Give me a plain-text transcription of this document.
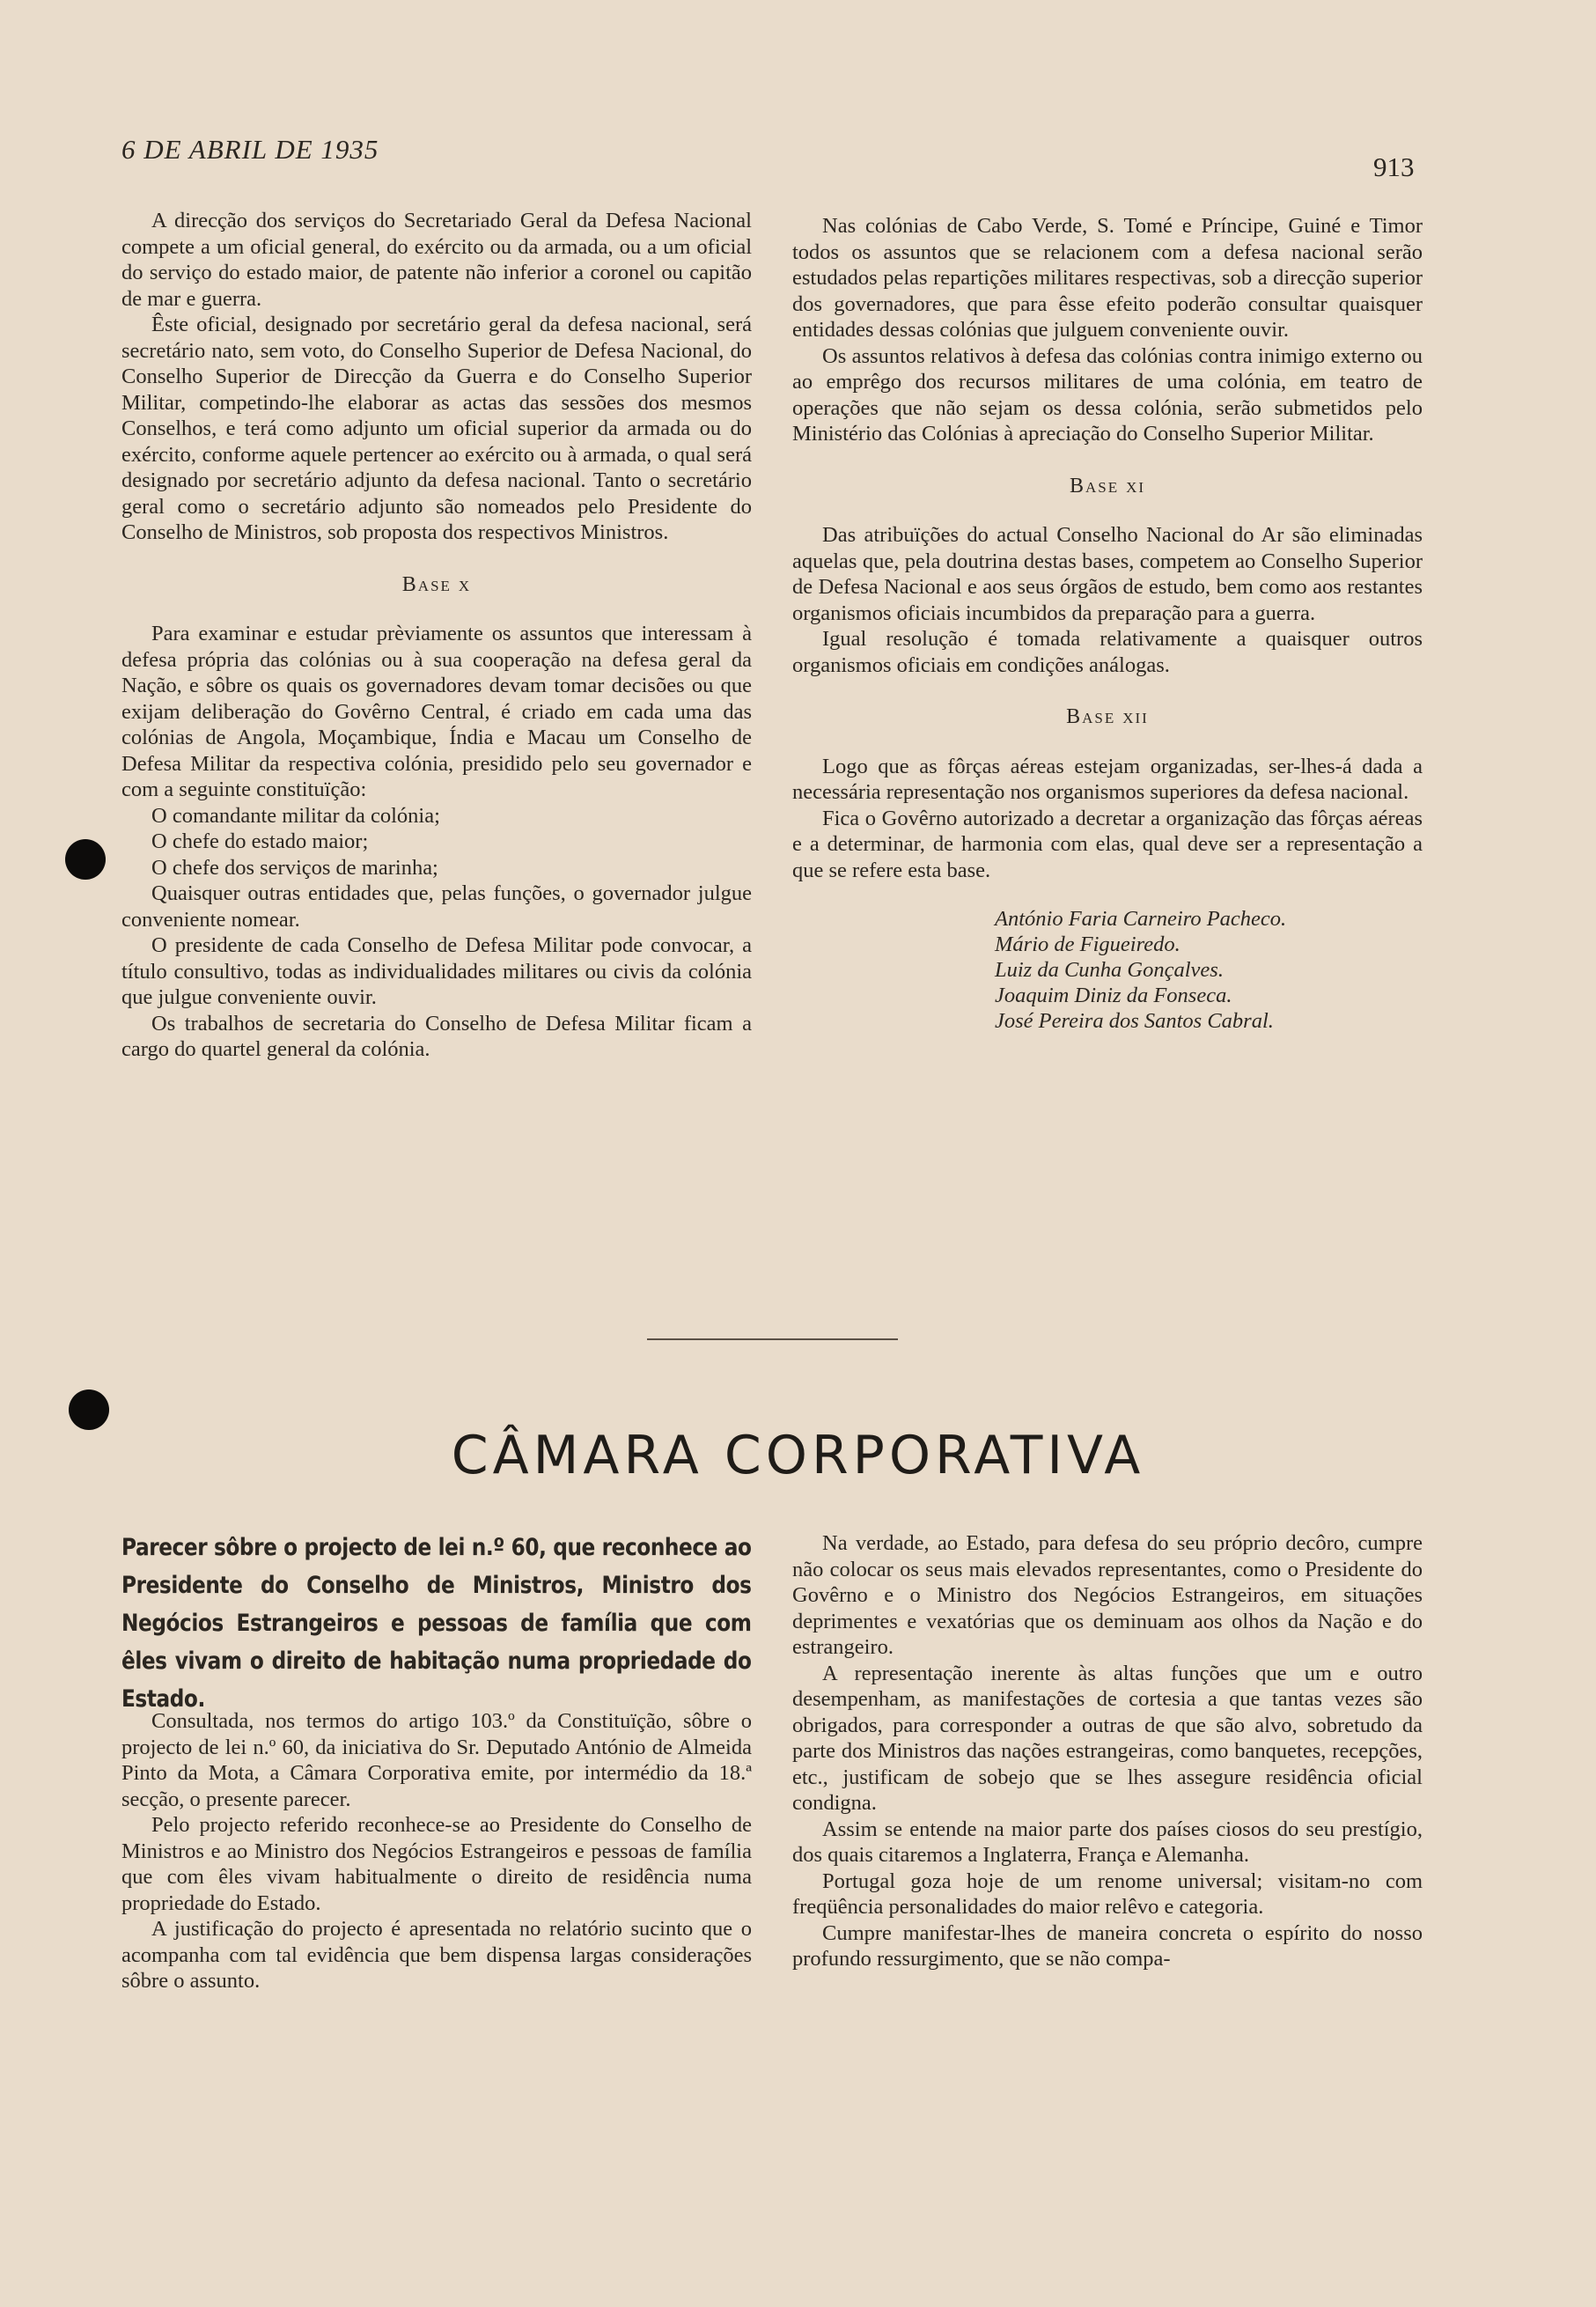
6 DE ABRIL DE 1935
913

A direcção dos serviços do Secretariado Geral da Defesa Nacional compete a um oficial general, do exército ou da armada, ou a um oficial do serviço do estado maior, de patente não inferior a coronel ou capitão de mar e guerra.

Êste oficial, designado por secretário geral da defesa nacional, será secretário nato, sem voto, do Conselho Superior de Defesa Nacional, do Conselho Superior de Direcção da Guerra e do Conselho Superior Militar, competindo-lhe elaborar as actas das sessões dos mesmos Conselhos, e terá como adjunto um oficial superior da armada ou do exército, conforme aquele pertencer ao exército ou à armada, o qual será designado por secretário adjunto da defesa nacional. Tanto o secretário geral como o secretário adjunto são nomeados pelo Presidente do Conselho de Ministros, sob proposta dos respectivos Ministros.

Base x

Para examinar e estudar prèviamente os assuntos que interessam à defesa própria das colónias ou à sua cooperação na defesa geral da Nação, e sôbre os quais os governadores devam tomar decisões ou que exijam deliberação do Govêrno Central, é criado em cada uma das colónias de Angola, Moçambique, Índia e Macau um Conselho de Defesa Militar da respectiva colónia, presidido pelo seu governador e com a seguinte constituïção:

O comandante militar da colónia;

O chefe do estado maior;

O chefe dos serviços de marinha;

Quaisquer outras entidades que, pelas funções, o governador julgue conveniente nomear.

O presidente de cada Conselho de Defesa Militar pode convocar, a título consultivo, todas as individualidades militares ou civis da colónia que julgue conveniente ouvir.

Os trabalhos de secretaria do Conselho de Defesa Militar ficam a cargo do quartel general da colónia.

Nas colónias de Cabo Verde, S. Tomé e Príncipe, Guiné e Timor todos os assuntos que se relacionem com a defesa nacional serão estudados pelas repartições militares respectivas, sob a direcção superior dos governadores, que para êsse efeito poderão consultar quaisquer entidades dessas colónias que julguem conveniente ouvir.

Os assuntos relativos à defesa das colónias contra inimigo externo ou ao emprêgo dos recursos militares de uma colónia, em teatro de operações que não sejam os dessa colónia, serão submetidos pelo Ministério das Colónias à apreciação do Conselho Superior Militar.

Base xi

Das atribuïções do actual Conselho Nacional do Ar são eliminadas aquelas que, pela doutrina destas bases, competem ao Conselho Superior de Defesa Nacional e aos seus órgãos de estudo, bem como aos restantes organismos oficiais incumbidos da preparação para a guerra.

Igual resolução é tomada relativamente a quaisquer outros organismos oficiais em condições análogas.

Base xii

Logo que as fôrças aéreas estejam organizadas, ser-lhes-á dada a necessária representação nos organismos superiores da defesa nacional.

Fica o Govêrno autorizado a decretar a organização das fôrças aéreas e a determinar, de harmonia com elas, qual deve ser a representação a que se refere esta base.

António Faria Carneiro Pacheco.
Mário de Figueiredo.
Luiz da Cunha Gonçalves.
Joaquim Diniz da Fonseca.
José Pereira dos Santos Cabral.
CÂMARA CORPORATIVA
Parecer sôbre o projecto de lei n.º 60, que reconhece ao Presidente do Conselho de Ministros, Ministro dos Negócios Estrangeiros e pessoas de família que com êles vivam o direito de habitação numa propriedade do Estado.

Consultada, nos termos do artigo 103.º da Constituïção, sôbre o projecto de lei n.º 60, da iniciativa do Sr. Deputado António de Almeida Pinto da Mota, a Câmara Corporativa emite, por intermédio da 18.ª secção, o presente parecer.

Pelo projecto referido reconhece-se ao Presidente do Conselho de Ministros e ao Ministro dos Negócios Estrangeiros e pessoas de família que com êles vivam habitualmente o direito de residência numa propriedade do Estado.

A justificação do projecto é apresentada no relatório sucinto que o acompanha com tal evidência que bem dispensa largas considerações sôbre o assunto.

Na verdade, ao Estado, para defesa do seu próprio decôro, cumpre não colocar os seus mais elevados representantes, como o Presidente do Govêrno e o Ministro dos Negócios Estrangeiros, em situações deprimentes e vexatórias que os deminuam aos olhos da Nação e do estrangeiro.

A representação inerente às altas funções que um e outro desempenham, as manifestações de cortesia a que tantas vezes são obrigados, para corresponder a outras de que são alvo, sobretudo da parte dos Ministros das nações estrangeiras, como banquetes, recepções, etc., justificam de sobejo que se lhes assegure residência oficial condigna.

Assim se entende na maior parte dos países ciosos do seu prestígio, dos quais citaremos a Inglaterra, França e Alemanha.

Portugal goza hoje de um renome universal; visitam-no com freqüência personalidades do maior relêvo e categoria.

Cumpre manifestar-lhes de maneira concreta o espírito do nosso profundo ressurgimento, que se não compa-
